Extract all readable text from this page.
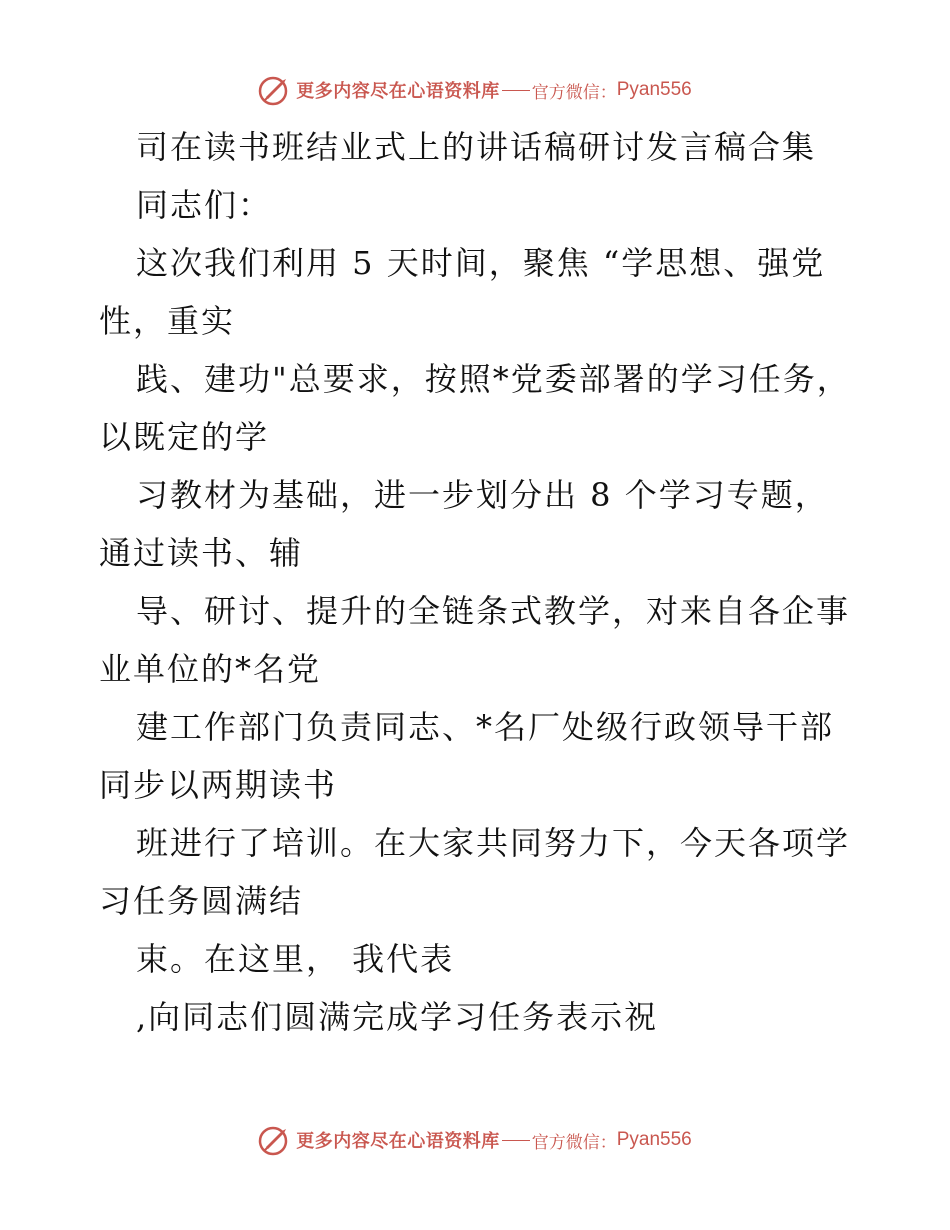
更多内容尽在心语资料库 官方微信： Pyan556
司在读书班结业式上的讲话稿研讨发言稿合集
同志们：
这次我们利用 5 天时间，聚焦 “学思想、强党
性，重实
践、建功"总要求，按照*党委部署的学习任务，
以既定的学
习教材为基础，进一步划分出 8 个学习专题，
通过读书、辅
导、研讨、提升的全链条式教学，对来自各企事
业单位的*名党
建工作部门负责同志、*名厂处级行政领导干部
同步以两期读书
班进行了培训。在大家共同努力下，今天各项学
习任务圆满结
束。在这里， 我代表
,向同志们圆满完成学习任务表示祝
更多内容尽在心语资料库 官方微信： Pyan556
